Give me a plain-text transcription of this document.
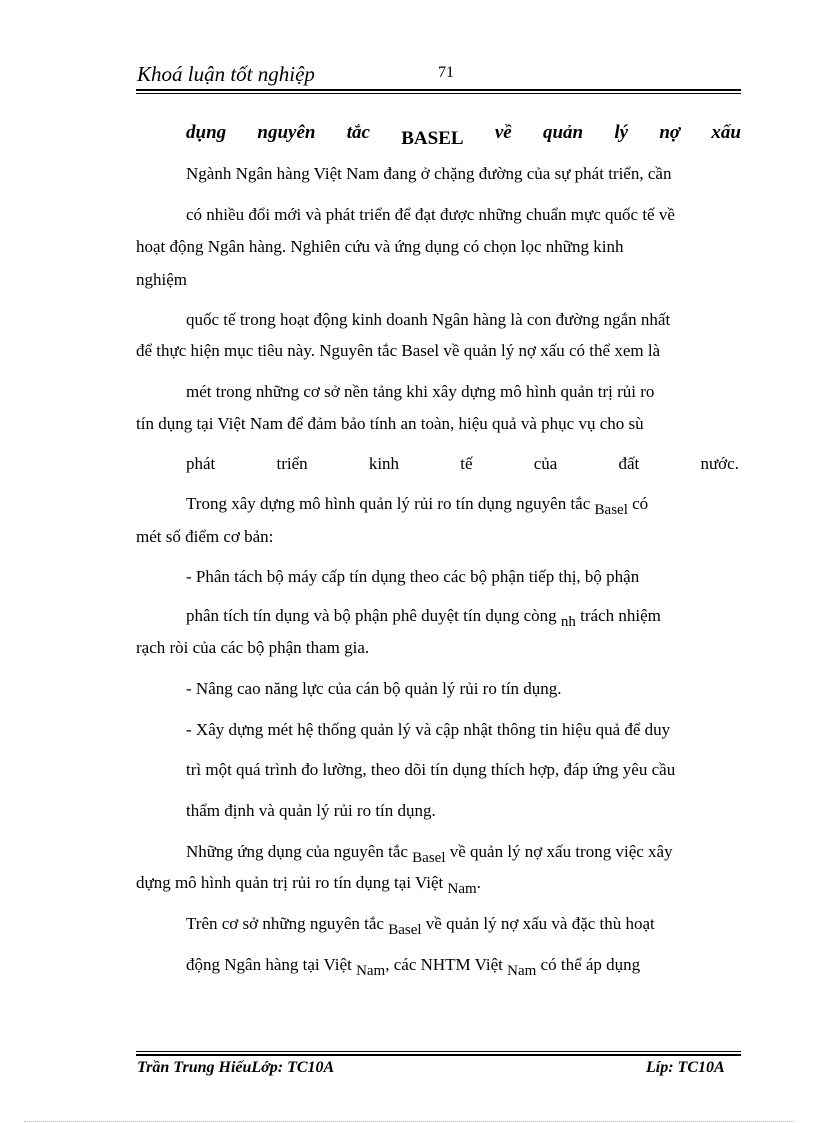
Khoá luận tốt nghiệp	71
dụng nguyên tắc BASEL về quản lý nợ xấu
Ngành Ngân hàng Việt Nam đang ở chặng đường của sự phát triển, cần
có nhiều đổi mới và phát triển để đạt được những chuẩn mực quốc tế về
hoạt động Ngân hàng. Nghiên cứu và ứng dụng có chọn lọc những kinh
nghiệm
quốc tế trong hoạt động kinh doanh Ngân hàng là con đường ngắn nhất
để thực hiện mục tiêu này. Nguyên tắc Basel về quản lý nợ xấu có thể xem là
mét trong những cơ sở nền tảng khi xây dựng mô hình quản trị rủi ro
tín dụng tại Việt Nam để đảm bảo tính an toàn, hiệu quả và phục vụ cho sù
phát	triển	kinh	tế	của	đất	nước.
Trong xây dựng mô hình quản lý rủi ro tín dụng nguyên tắc Basel có
mét số điểm cơ bản:
- Phân tách bộ máy cấp tín dụng theo các bộ phận tiếp thị, bộ phận
phân tích tín dụng và bộ phận phê duyệt tín dụng còng nh trách nhiệm
rạch ròi của các bộ phận tham gia.
- Nâng cao năng lực của cán bộ quản lý rủi ro tín dụng.
- Xây dựng mét hệ thống quản lý và cập nhật thông tin hiệu quả để duy
trì một quá trình đo lường, theo dõi tín dụng thích hợp, đáp ứng yêu cầu
thẩm định và quản lý rủi ro tín dụng.
Những ứng dụng của nguyên tắc Basel về quản lý nợ xấu trong việc xây
dựng mô hình quản trị rủi ro tín dụng tại Việt Nam.
Trên cơ sở những nguyên tắc Basel về quản lý nợ xấu và đặc thù hoạt
động Ngân hàng tại Việt Nam, các NHTM Việt Nam có thể áp dụng
Trần Trung HiếuLớp: TC10A	Líp: TC10A
